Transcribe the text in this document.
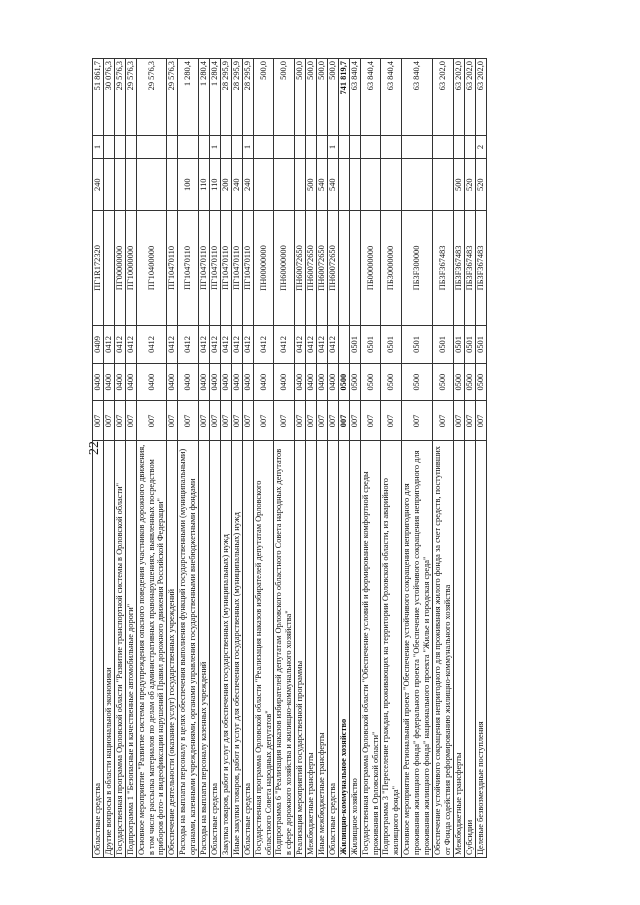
22
Областные средства	007	0400	0409	ПГ1R172320	240	1	51 861,7
Другие вопросы в области национальной экономики	007	0400	0412				30 076,3
Государственная программа Орловской области "Развитие транспортной системы в Орловской области"	007	0400	0412	ПГ00000000			29 576,3
Подпрограмма 1 "Безопасные и качественные автомобильные дороги"	007	0400	0412	ПГ10000000			29 576,3
Основное мероприятие "Развитие системы предупреждения опасного поведения участников дорожного движения, в том числе рассылка материалов по делам об административных правонарушениях, выявленных посредством приборов фото- и видеофиксации нарушений Правил дорожного движения Российской Федерации"	007	0400	0412	ПГ10400000			29 576,3
Обеспечение деятельности (оказание услуг) государственных учреждений	007	0400	0412	ПГ10470110			29 576,3
Расходы на выплаты персоналу в целях обеспечения выполнения функций государственными (муниципальными) органами, казенными учреждениями, органами управления государственными внебюджетными фондами	007	0400	0412	ПГ10470110	100		1 280,4
Расходы на выплаты персоналу казенных учреждений	007	0400	0412	ПГ10470110	110		1 280,4
Областные средства	007	0400	0412	ПГ10470110	110	1	1 280,4
Закупка товаров, работ и услуг для обеспечения государственных (муниципальных) нужд	007	0400	0412	ПГ10470110	200		28 295,9
Иные закупки товаров, работ и услуг для обеспечения государственных (муниципальных) нужд	007	0400	0412	ПГ10470110	240		28 295,9
Областные средства	007	0400	0412	ПГ10470110	240	1	28 295,9
Государственная программа Орловской области "Реализация наказов избирателей депутатам Орловского областного Совета народных депутатов"	007	0400	0412	ПН00000000			500,0
Подпрограмма 6 "Реализация наказов избирателей депутатам Орловского областного Совета народных депутатов в сфере дорожного хозяйства и жилищно-коммунального хозяйства"	007	0400	0412	ПН60000000			500,0
Реализация мероприятий государственной программы	007	0400	0412	ПН60072650			500,0
Межбюджетные трансферты	007	0400	0412	ПН60072650	500		500,0
Иные межбюджетные трансферты	007	0400	0412	ПН60072650	540		500,0
Областные средства	007	0400	0412	ПН60072650	540	1	500,0
Жилищно-коммунальное хозяйство	007	0500					741 819,7
Жилищное хозяйство	007	0500	0501				63 840,4
Государственная программа Орловской области "Обеспечение условий и формирование комфортной среды проживания в Орловской области"	007	0500	0501	ПБ00000000			63 840,4
Подпрограмма 3 "Переселение граждан, проживающих на территории Орловской области, из аварийного жилищного фонда"	007	0500	0501	ПБ30000000			63 840,4
Основное мероприятие Региональный проект "Обеспечение устойчивого сокращения непригодного для проживания жилищного фонда" федерального проекта "Обеспечение устойчивого сокращения непригодного для проживания жилищного фонда" национального проекта "Жилье и городская среда"	007	0500	0501	ПБ3F300000			63 840,4
Обеспечение устойчивого сокращения непригодного для проживания жилого фонда за счет средств, поступивших от Фонда содействия реформированию жилищно-коммунального хозяйства	007	0500	0501	ПБ3F367483			63 202,0
Межбюджетные трансферты	007	0500	0501	ПБ3F367483	500		63 202,0
Субсидии	007	0500	0501	ПБ3F367483	520		63 202,0
Целевые безвозмездные поступления	007	0500	0501	ПБ3F367483	520	2	63 202,0
